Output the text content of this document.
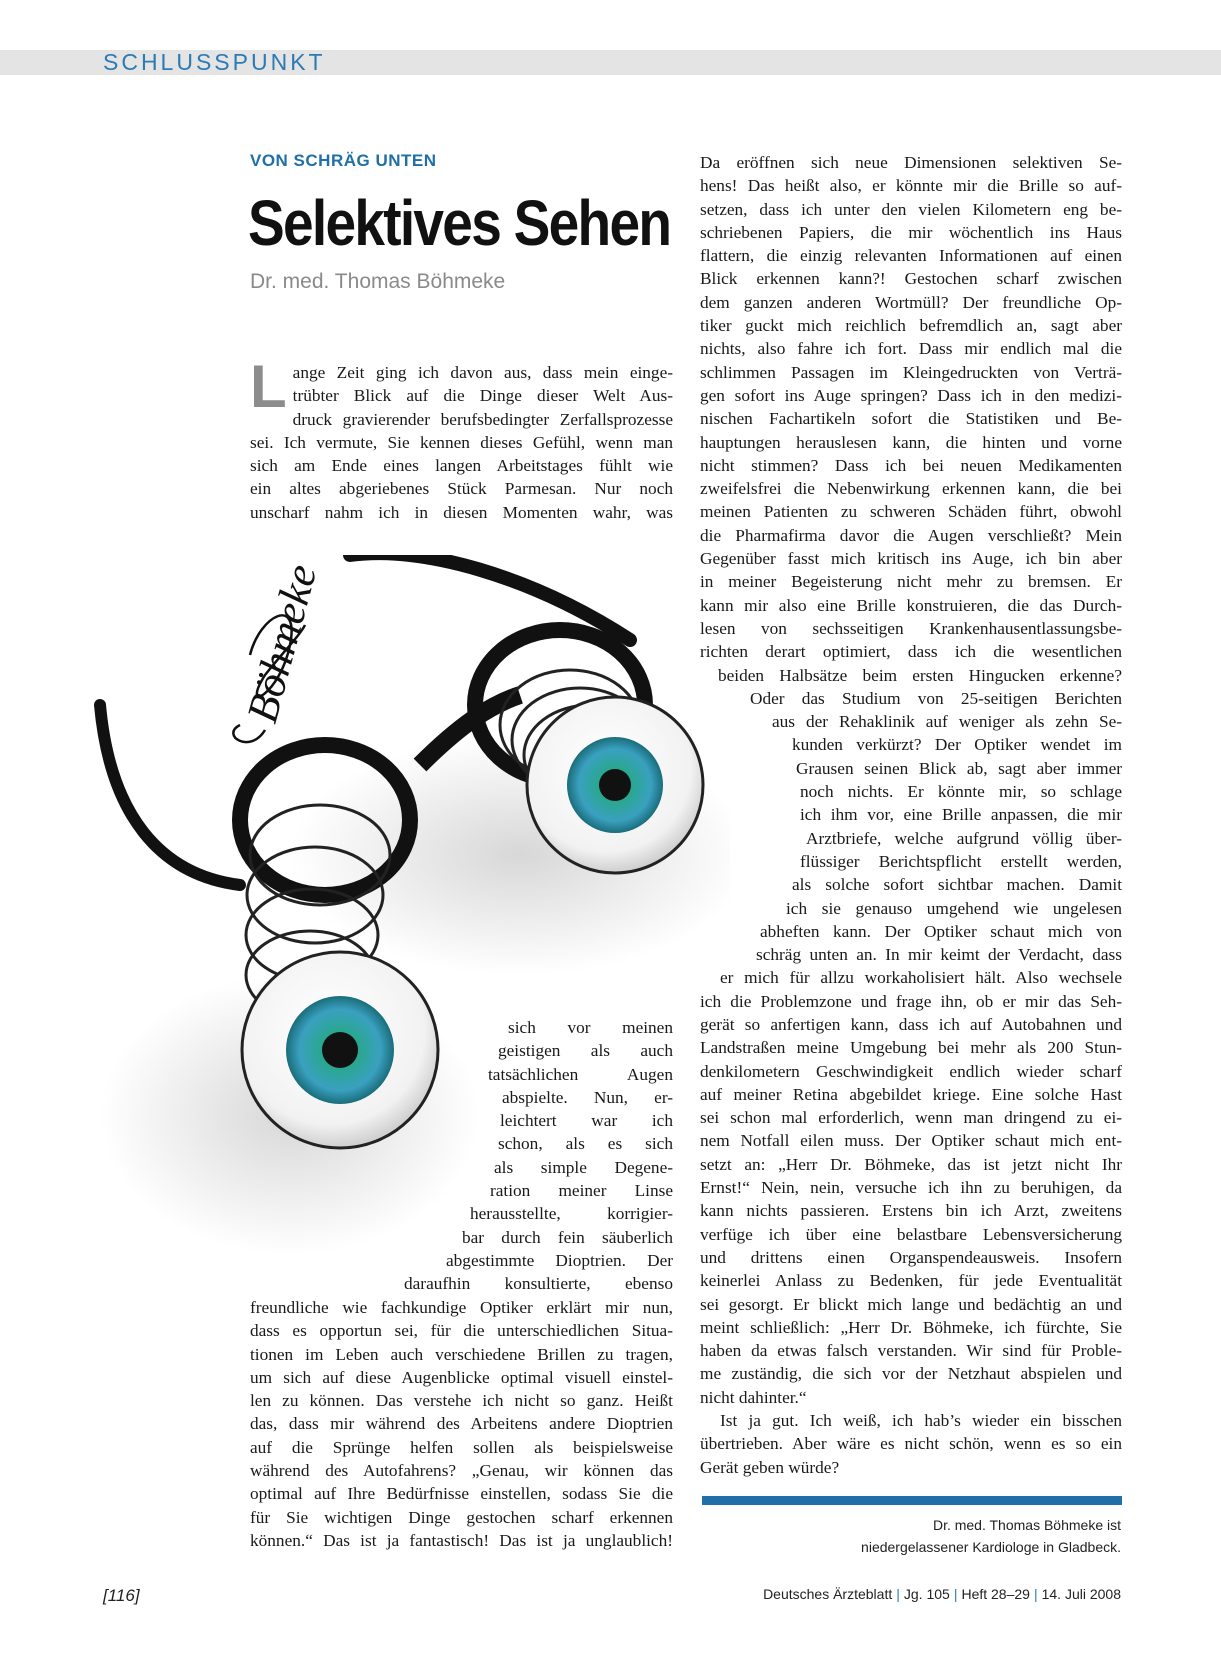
SCHLUSSPUNKT
VON SCHRÄG UNTEN
Selektives Sehen
Dr. med. Thomas Böhmeke
L ange Zeit ging ich davon aus, dass mein einge-
trübter Blick auf die Dinge dieser Welt Aus-
druck gravierender berufsbedingter Zerfallsprozesse
sei. Ich vermute, Sie kennen dieses Gefühl, wenn man
sich am Ende eines langen Arbeitstages fühlt wie
ein altes abgeriebenes Stück Parmesan. Nur noch
unscharf nahm ich in diesen Momenten wahr, was
sich vor meinen
geistigen als auch
tatsächlichen Augen
abspielte. Nun, er-
leichtert war ich
schon, als es sich
als simple Degene-
ration meiner Linse
herausstellte, korrigier-
bar durch fein säuberlich
abgestimmte Dioptrien. Der
daraufhin konsultierte, ebenso
freundliche wie fachkundige Optiker erklärt mir nun,
dass es opportun sei, für die unterschiedlichen Situa-
tionen im Leben auch verschiedene Brillen zu tragen,
um sich auf diese Augenblicke optimal visuell einstel-
len zu können. Das verstehe ich nicht so ganz. Heißt
das, dass mir während des Arbeitens andere Dioptrien
auf die Sprünge helfen sollen als beispielsweise
während des Autofahrens? „Genau, wir können das
optimal auf Ihre Bedürfnisse einstellen, sodass Sie die
für Sie wichtigen Dinge gestochen scharf erkennen
können.“ Das ist ja fantastisch! Das ist ja unglaublich!
Da eröffnen sich neue Dimensionen selektiven Se-
hens! Das heißt also, er könnte mir die Brille so auf-
setzen, dass ich unter den vielen Kilometern eng be-
schriebenen Papiers, die mir wöchentlich ins Haus
flattern, die einzig relevanten Informationen auf einen
Blick erkennen kann?! Gestochen scharf zwischen
dem ganzen anderen Wortmüll? Der freundliche Op-
tiker guckt mich reichlich befremdlich an, sagt aber
nichts, also fahre ich fort. Dass mir endlich mal die
schlimmen Passagen im Kleingedruckten von Verträ-
gen sofort ins Auge springen? Dass ich in den medizi-
nischen Fachartikeln sofort die Statistiken und Be-
hauptungen herauslesen kann, die hinten und vorne
nicht stimmen? Dass ich bei neuen Medikamenten
zweifelsfrei die Nebenwirkung erkennen kann, die bei
meinen Patienten zu schweren Schäden führt, obwohl
die Pharmafirma davor die Augen verschließt? Mein
Gegenüber fasst mich kritisch ins Auge, ich bin aber
in meiner Begeisterung nicht mehr zu bremsen. Er
kann mir also eine Brille konstruieren, die das Durch-
lesen von sechsseitigen Krankenhausentlassungsbe-
richten derart optimiert, dass ich die wesentlichen
beiden Halbsätze beim ersten Hingucken erkenne?
Oder das Studium von 25-seitigen Berichten
aus der Rehaklinik auf weniger als zehn Se-
kunden verkürzt? Der Optiker wendet im
Grausen seinen Blick ab, sagt aber immer
noch nichts. Er könnte mir, so schlage
ich ihm vor, eine Brille anpassen, die mir
Arztbriefe, welche aufgrund völlig über-
flüssiger Berichtspflicht erstellt werden,
als solche sofort sichtbar machen. Damit
ich sie genauso umgehend wie ungelesen
abheften kann. Der Optiker schaut mich von
schräg unten an. In mir keimt der Verdacht, dass
er mich für allzu workaholisiert hält. Also wechsele
ich die Problemzone und frage ihn, ob er mir das Seh-
gerät so anfertigen kann, dass ich auf Autobahnen und
Landstraßen meine Umgebung bei mehr als 200 Stun-
denkilometern Geschwindigkeit endlich wieder scharf
auf meiner Retina abgebildet kriege. Eine solche Hast
sei schon mal erforderlich, wenn man dringend zu ei-
nem Notfall eilen muss. Der Optiker schaut mich ent-
setzt an: „Herr Dr. Böhmeke, das ist jetzt nicht Ihr
Ernst!“ Nein, nein, versuche ich ihn zu beruhigen, da
kann nichts passieren. Erstens bin ich Arzt, zweitens
verfüge ich über eine belastbare Lebensversicherung
und drittens einen Organspendeausweis. Insofern
keinerlei Anlass zu Bedenken, für jede Eventualität
sei gesorgt. Er blickt mich lange und bedächtig an und
meint schließlich: „Herr Dr. Böhmeke, ich fürchte, Sie
haben da etwas falsch verstanden. Wir sind für Proble-
me zuständig, die sich vor der Netzhaut abspielen und
nicht dahinter.“
Ist ja gut. Ich weiß, ich hab’s wieder ein bisschen
übertrieben. Aber wäre es nicht schön, wenn es so ein
Gerät geben würde?
Böhmeke
Dr. med. Thomas Böhmeke ist
niedergelassener Kardiologe in Gladbeck.
[116]	Deutsches Ärzteblatt | Jg. 105 | Heft 28–29 | 14. Juli 2008
